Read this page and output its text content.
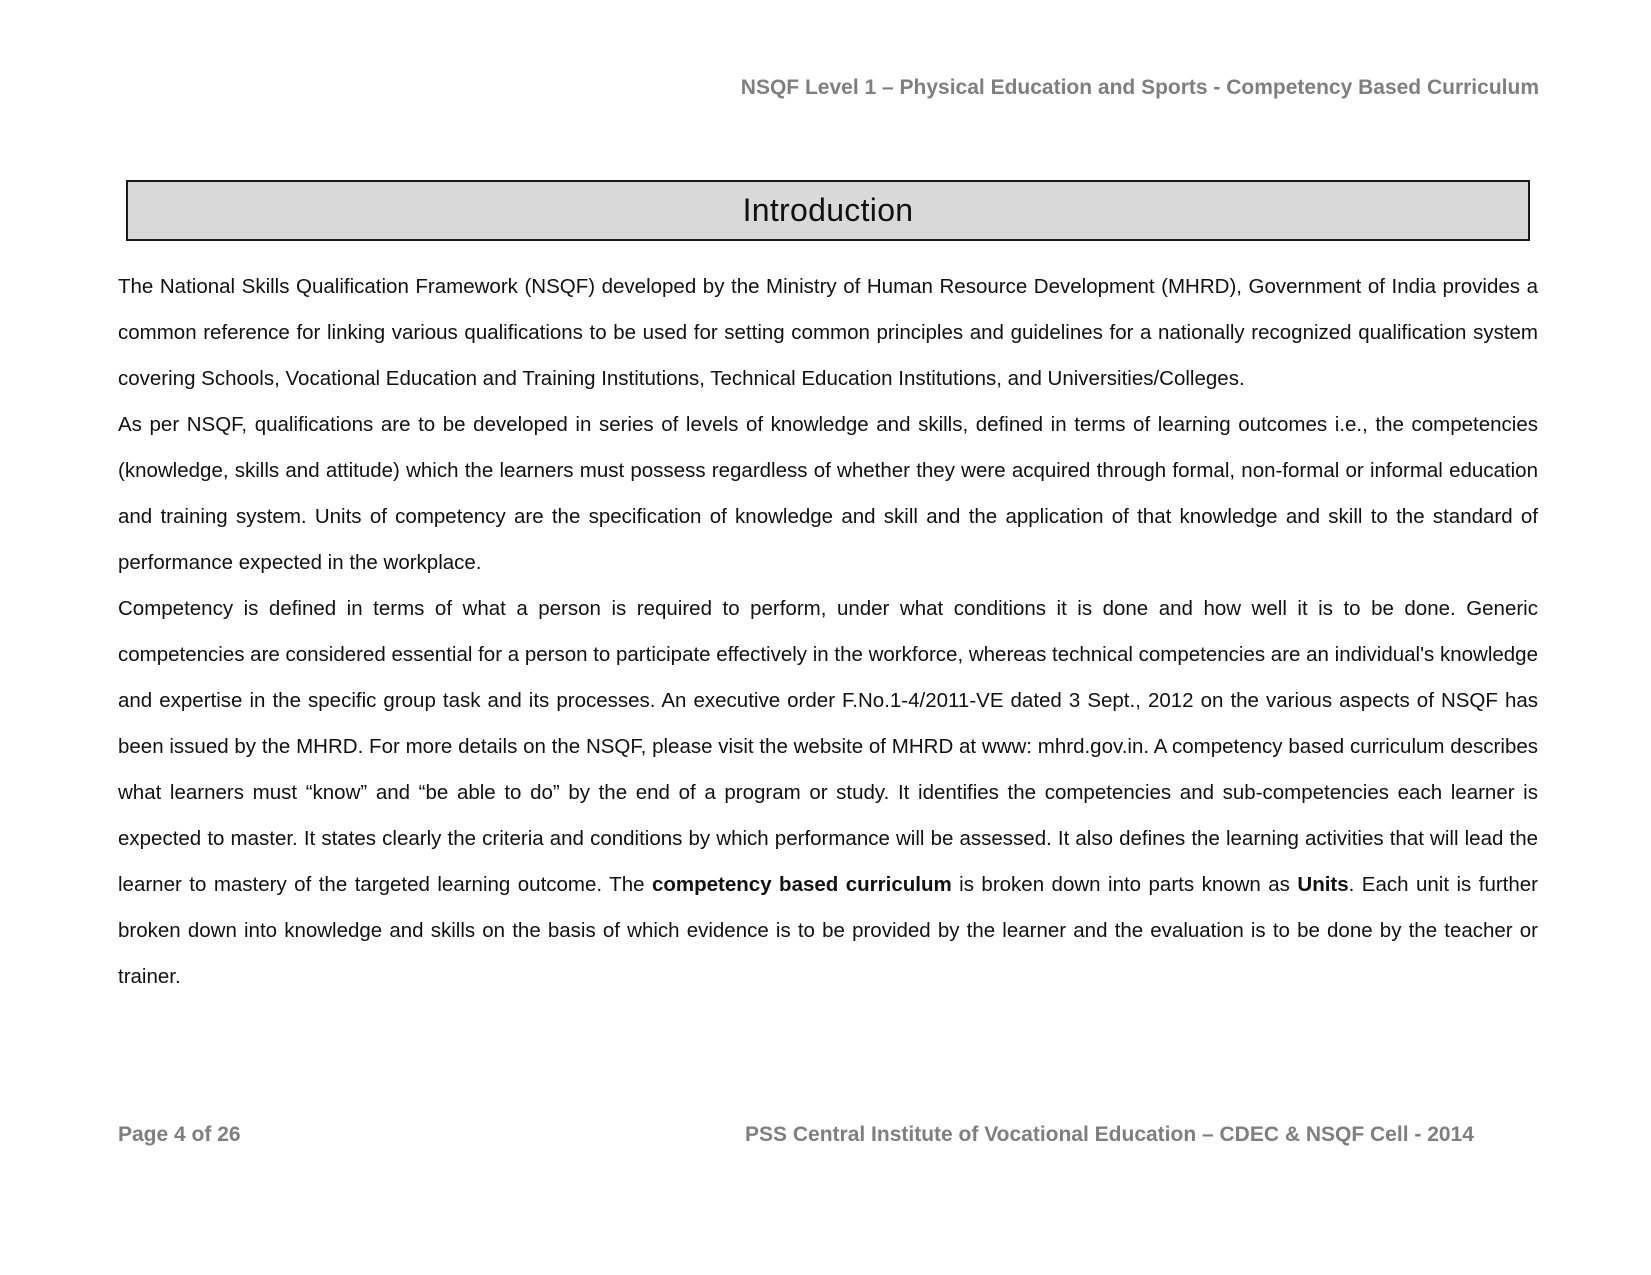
NSQF Level 1 – Physical Education and Sports - Competency Based Curriculum
Introduction

The National Skills Qualification Framework (NSQF) developed by the Ministry of Human Resource Development (MHRD), Government of India provides a common reference for linking various qualifications to be used for setting common principles and guidelines for a nationally recognized qualification system covering Schools, Vocational Education and Training Institutions, Technical Education Institutions, and Universities/Colleges.

As per NSQF, qualifications are to be developed in series of levels of knowledge and skills, defined in terms of learning outcomes i.e., the competencies (knowledge, skills and attitude) which the learners must possess regardless of whether they were acquired through formal, non-formal or informal education and training system. Units of competency are the specification of knowledge and skill and the application of that knowledge and skill to the standard of performance expected in the workplace.

Competency is defined in terms of what a person is required to perform, under what conditions it is done and how well it is to be done. Generic competencies are considered essential for a person to participate effectively in the workforce, whereas technical competencies are an individual's knowledge and expertise in the specific group task and its processes. An executive order F.No.1-4/2011-VE dated 3 Sept., 2012 on the various aspects of NSQF has been issued by the MHRD. For more details on the NSQF, please visit the website of MHRD at www: mhrd.gov.in. A competency based curriculum describes what learners must “know” and “be able to do” by the end of a program or study. It identifies the competencies and sub-competencies each learner is expected to master. It states clearly the criteria and conditions by which performance will be assessed. It also defines the learning activities that will lead the learner to mastery of the targeted learning outcome. The competency based curriculum is broken down into parts known as Units. Each unit is further broken down into knowledge and skills on the basis of which evidence is to be provided by the learner and the evaluation is to be done by the teacher or trainer.

Page 4 of 26	PSS Central Institute of Vocational Education – CDEC & NSQF Cell - 2014
